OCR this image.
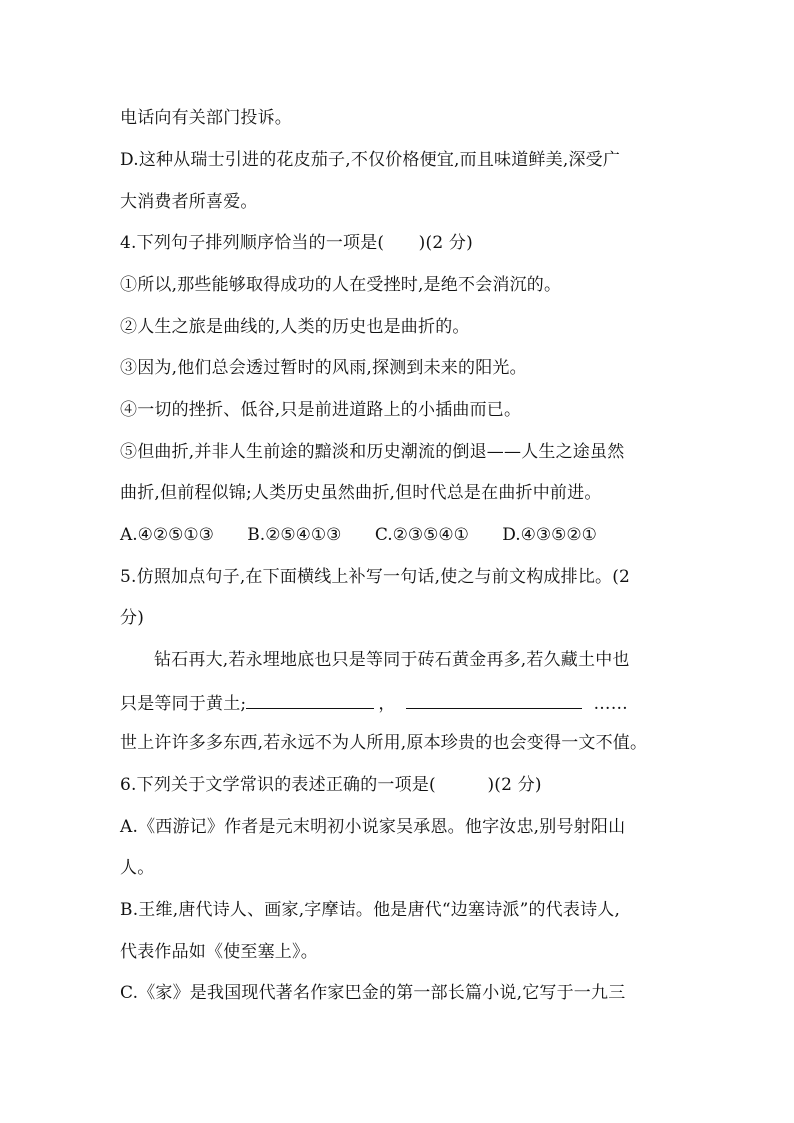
电话向有关部门投诉。
D.这种从瑞士引进的花皮茄子,不仅价格便宜,而且味道鲜美,深受广
大消费者所喜爱。
4.下列句子排列顺序恰当的一项是(　　)(2 分)
①所以,那些能够取得成功的人在受挫时,是绝不会消沉的。
②人生之旅是曲线的,人类的历史也是曲折的。
③因为,他们总会透过暂时的风雨,探测到未来的阳光。
④一切的挫折、低谷,只是前进道路上的小插曲而已。
⑤但曲折,并非人生前途的黯淡和历史潮流的倒退——人生之途虽然
曲折,但前程似锦;人类历史虽然曲折,但时代总是在曲折中前进。
A.④②⑤①③ B.②⑤④①③ C.②③⑤④① D.④③⑤②①
5.仿照加点句子,在下面横线上补写一句话,使之与前文构成排比。(2
分)
钻石再大,若永埋地底也只是等同于砖石黄金再多,若久藏土中也
只是等同于黄土;	，	……
世上许许多多东西,若永远不为人所用,原本珍贵的也会变得一文不值。
6.下列关于文学常识的表述正确的一项是(　　　)(2 分)
A.《西游记》作者是元末明初小说家吴承恩。他字汝忠,别号射阳山
人。
B.王维,唐代诗人、画家,字摩诘。他是唐代“边塞诗派”的代表诗人,
代表作品如《使至塞上》。
C.《家》是我国现代著名作家巴金的第一部长篇小说,它写于一九三
